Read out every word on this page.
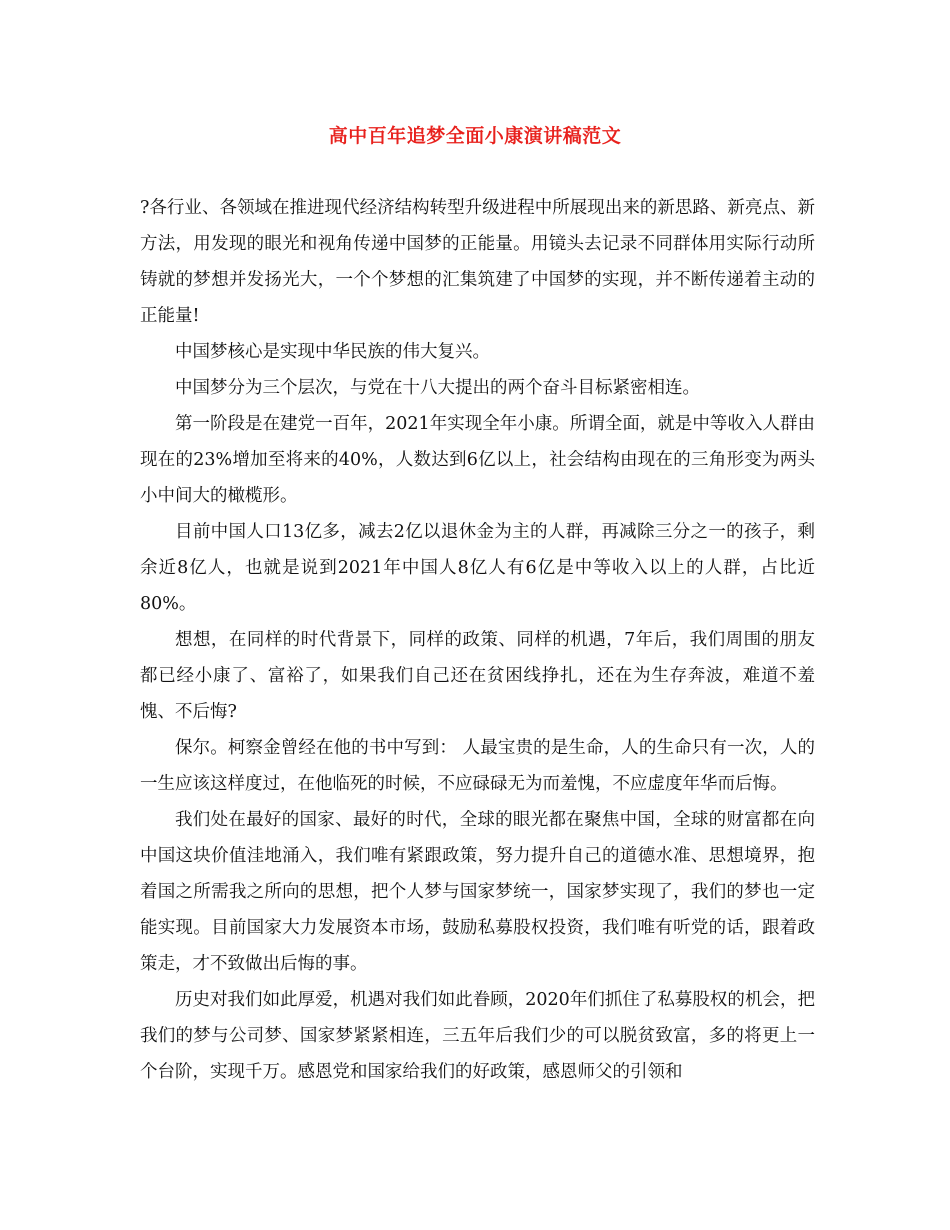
高中百年追梦全面小康演讲稿范文

?各行业、各领域在推进现代经济结构转型升级进程中所展现出来的新思路、新亮点、新方法，用发现的眼光和视角传递中国梦的正能量。用镜头去记录不同群体用实际行动所铸就的梦想并发扬光大，一个个梦想的汇集筑建了中国梦的实现，并不断传递着主动的正能量!

中国梦核心是实现中华民族的伟大复兴。

中国梦分为三个层次，与党在十八大提出的两个奋斗目标紧密相连。

第一阶段是在建党一百年，2021年实现全年小康。所谓全面，就是中等收入人群由现在的23%增加至将来的40%，人数达到6亿以上，社会结构由现在的三角形变为两头小中间大的橄榄形。

目前中国人口13亿多，减去2亿以退休金为主的人群，再减除三分之一的孩子，剩余近8亿人，也就是说到2021年中国人8亿人有6亿是中等收入以上的人群，占比近80%。

想想，在同样的时代背景下，同样的政策、同样的机遇，7年后，我们周围的朋友都已经小康了、富裕了，如果我们自己还在贫困线挣扎，还在为生存奔波，难道不羞愧、不后悔?

保尔。柯察金曾经在他的书中写到： 人最宝贵的是生命，人的生命只有一次，人的一生应该这样度过，在他临死的时候，不应碌碌无为而羞愧，不应虚度年华而后悔。

我们处在最好的国家、最好的时代，全球的眼光都在聚焦中国，全球的财富都在向中国这块价值洼地涌入，我们唯有紧跟政策，努力提升自己的道德水准、思想境界，抱着国之所需我之所向的思想，把个人梦与国家梦统一，国家梦实现了，我们的梦也一定能实现。目前国家大力发展资本市场，鼓励私募股权投资，我们唯有听党的话，跟着政策走，才不致做出后悔的事。

历史对我们如此厚爱，机遇对我们如此眷顾，2020年们抓住了私募股权的机会，把我们的梦与公司梦、国家梦紧紧相连，三五年后我们少的可以脱贫致富，多的将更上一个台阶，实现千万。感恩党和国家给我们的好政策，感恩师父的引领和
